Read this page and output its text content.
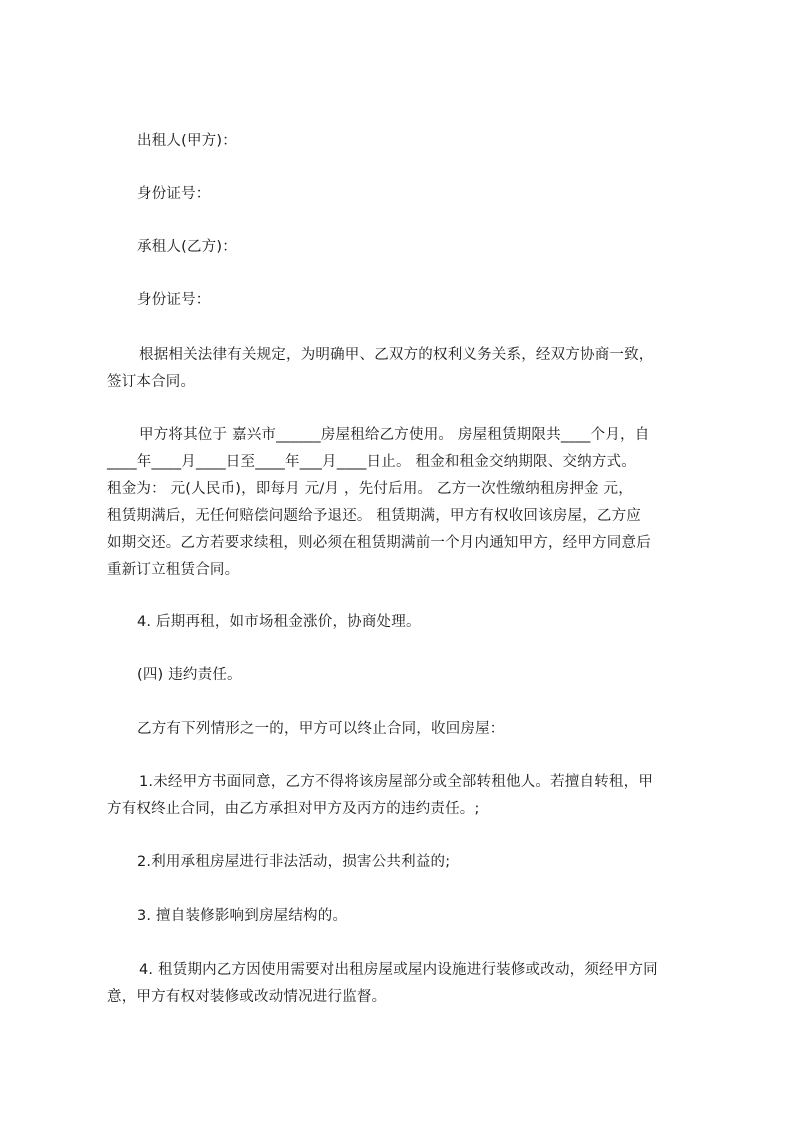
出租人(甲方)：
身份证号：
承租人(乙方)：
身份证号：
根据相关法律有关规定，为明确甲、乙双方的权利义务关系，经双方协商一致，
签订本合同。
甲方将其位于 嘉兴市______房屋租给乙方使用。 房屋租赁期限共____个月，自
____年____月____日至____年___月____日止。 租金和租金交纳期限、交纳方式。
租金为： 元(人民币)，即每月 元/月 ，先付后用。 乙方一次性缴纳租房押金 元，
租赁期满后，无任何赔偿问题给予退还。 租赁期满，甲方有权收回该房屋，乙方应
如期交还。乙方若要求续租，则必须在租赁期满前一个月内通知甲方，经甲方同意后
重新订立租赁合同。
4. 后期再租，如市场租金涨价，协商处理。
(四) 违约责任。
乙方有下列情形之一的，甲方可以终止合同，收回房屋：
1.未经甲方书面同意，乙方不得将该房屋部分或全部转租他人。若擅自转租，甲
方有权终止合同，由乙方承担对甲方及丙方的违约责任。;
2.利用承租房屋进行非法活动，损害公共利益的;
3. 擅自装修影响到房屋结构的。
4. 租赁期内乙方因使用需要对出租房屋或屋内设施进行装修或改动，须经甲方同
意，甲方有权对装修或改动情况进行监督。
